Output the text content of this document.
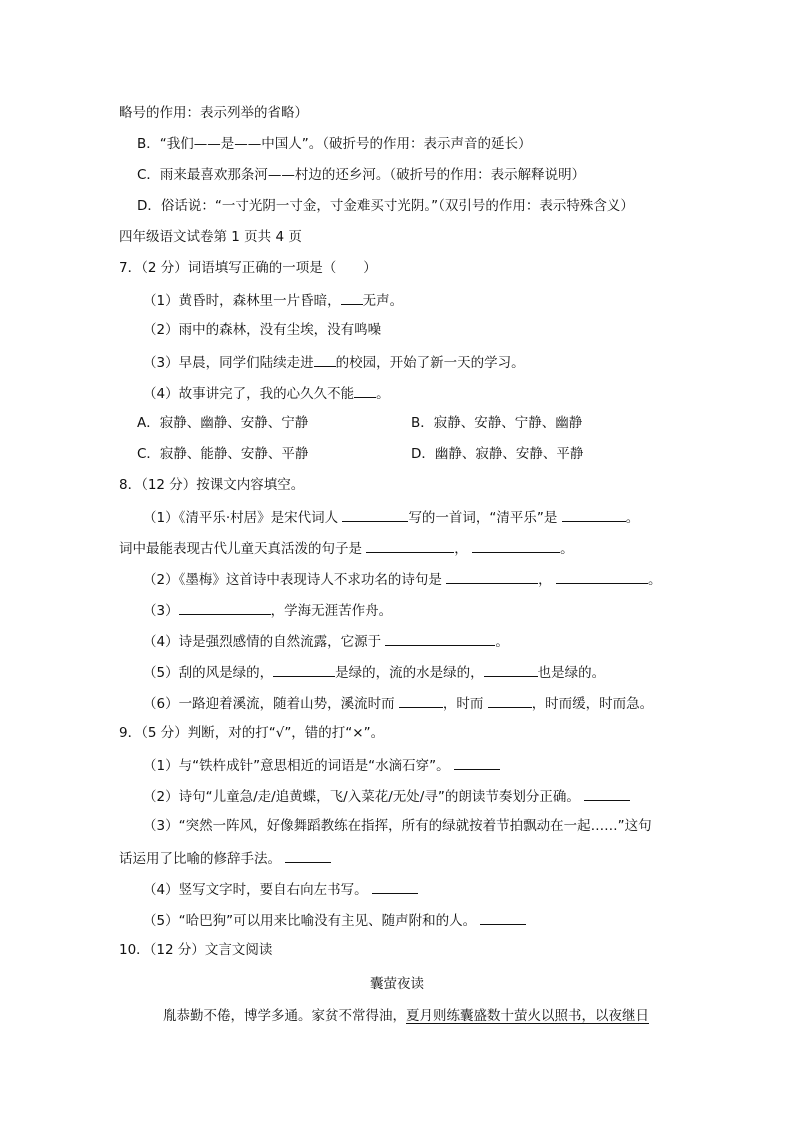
略号的作用：表示列举的省略）
B．“我们——是——中国人”。（破折号的作用：表示声音的延长）
C．雨来最喜欢那条河——村边的还乡河。（破折号的作用：表示解释说明）
D．俗话说：“一寸光阴一寸金，寸金难买寸光阴。”（双引号的作用：表示特殊含义）
四年级语文试卷第 1 页共 4 页
7．（2 分）词语填写正确的一项是（　　）
（1）黄昏时，森林里一片昏暗， 无声。
（2）雨中的森林，没有尘埃，没有鸣噪
（3）早晨，同学们陆续走进 的校园，开始了新一天的学习。
（4）故事讲完了，我的心久久不能 。
A．寂静、幽静、安静、宁静	B．寂静、安静、宁静、幽静
C．寂静、能静、安静、平静	D．幽静、寂静、安静、平静
8．（12 分）按课文内容填空。
（1）《清平乐·村居》是宋代词人	写的一首词，“清平乐”是	。
词中最能表现古代儿童天真活泼的句子是	，	。
（2）《墨梅》这首诗中表现诗人不求功名的诗句是	，	。
（3）	，学海无涯苦作舟。
（4）诗是强烈感情的自然流露，它源于	。
（5）刮的风是绿的，	是绿的，流的水是绿的，	也是绿的。
（6）一路迎着溪流，随着山势，溪流时而	，时而	，时而缓，时而急。
9．（5 分）判断，对的打“√”，错的打“×”。
（1）与“铁杵成针”意思相近的词语是“水滴石穿”。
（2）诗句“儿童急/走/追黄蝶，飞/入菜花/无处/寻”的朗读节奏划分正确。
（3）“突然一阵风，好像舞蹈教练在指挥，所有的绿就按着节拍飘动在一起……”这句
话运用了比喻的修辞手法。
（4）竖写文字时，要自右向左书写。
（5）“哈巴狗”可以用来比喻没有主见、随声附和的人。
10．（12 分）文言文阅读
囊萤夜读
胤恭勤不倦，博学多通。家贫不常得油，夏月则练囊盛数十萤火以照书，以夜继日
